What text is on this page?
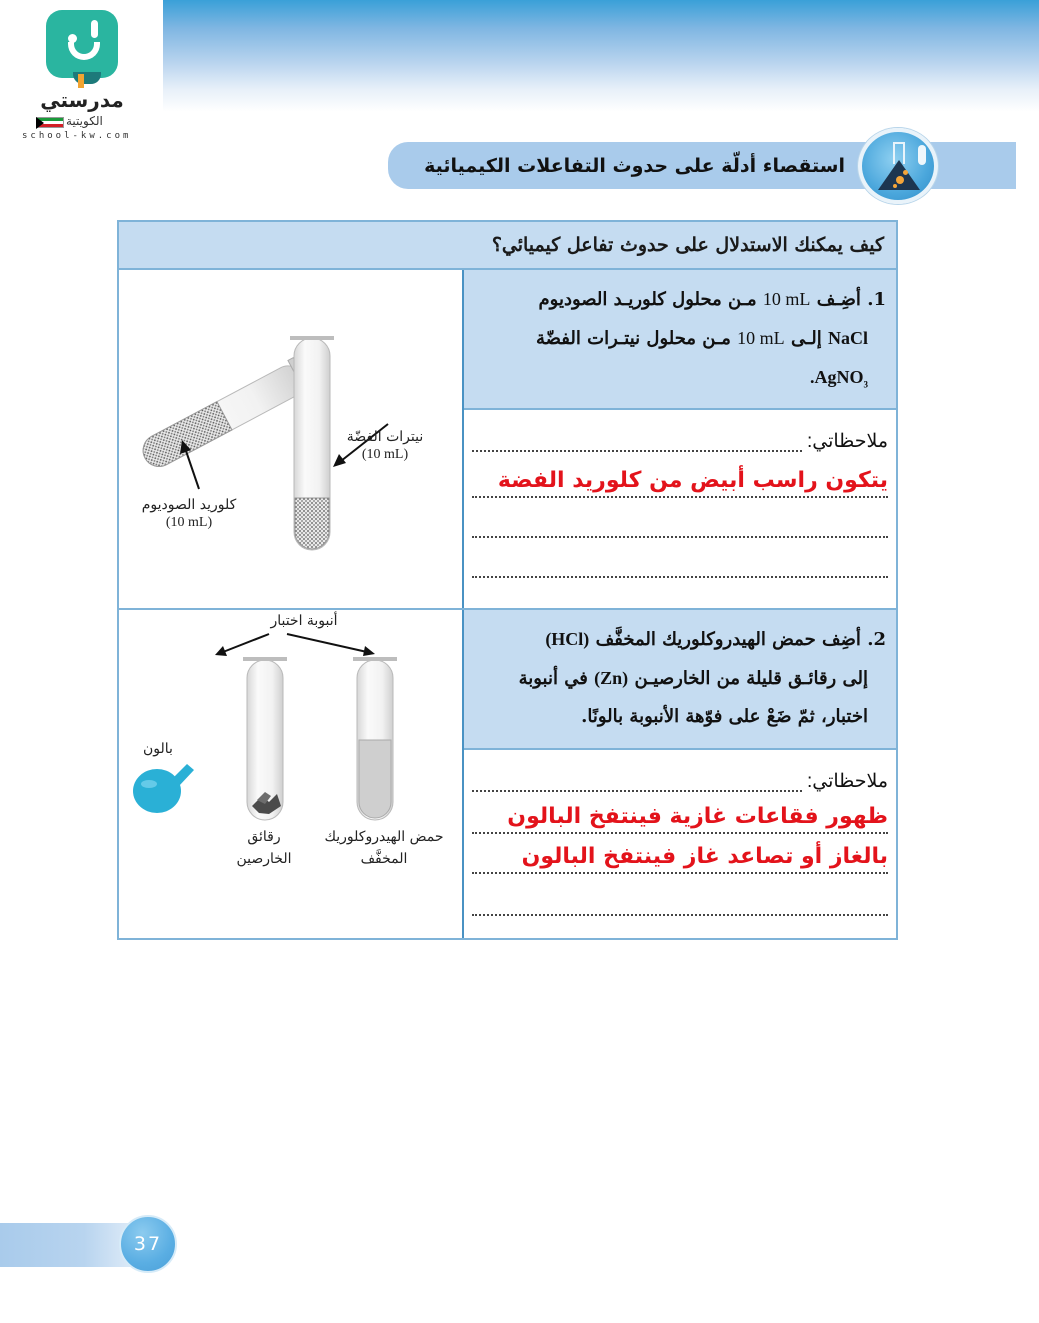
مدرستي
الكويتية
school-kw.com
استقصاء أدلّة على حدوث التفاعلات الكيميائية
كيف يمكنك الاستدلال على حدوث تفاعل كيميائي؟
1. أضِـف 10 mL مـن محلول كلوريـد الصوديوم
NaCl إلـى 10 mL مـن محلول نيتـرات الفضّة
.AgNO$_3$
ملاحظاتي:
يتكون راسب أبيض من كلوريد الفضة
2. أضِف حمض الهيدروكلوريك المخفَّف (HCl)
إلى رقائـق قليلة من الخارصيـن (Zn) في أنبوبة
اختبار، ثمّ ضَعْ على فوّهة الأنبوبة بالونًا.
ملاحظاتي:
ظهور فقاعات غازية فينتفخ البالون
بالغاز أو تصاعد غاز فينتفخ البالون
نيترات الفضّة
(10 mL)
كلوريد الصوديوم
(10 mL)
أنبوبة اختبار
بالون
رقائق
الخارصين
حمض الهيدروكلوريك
المخفَّف
37
